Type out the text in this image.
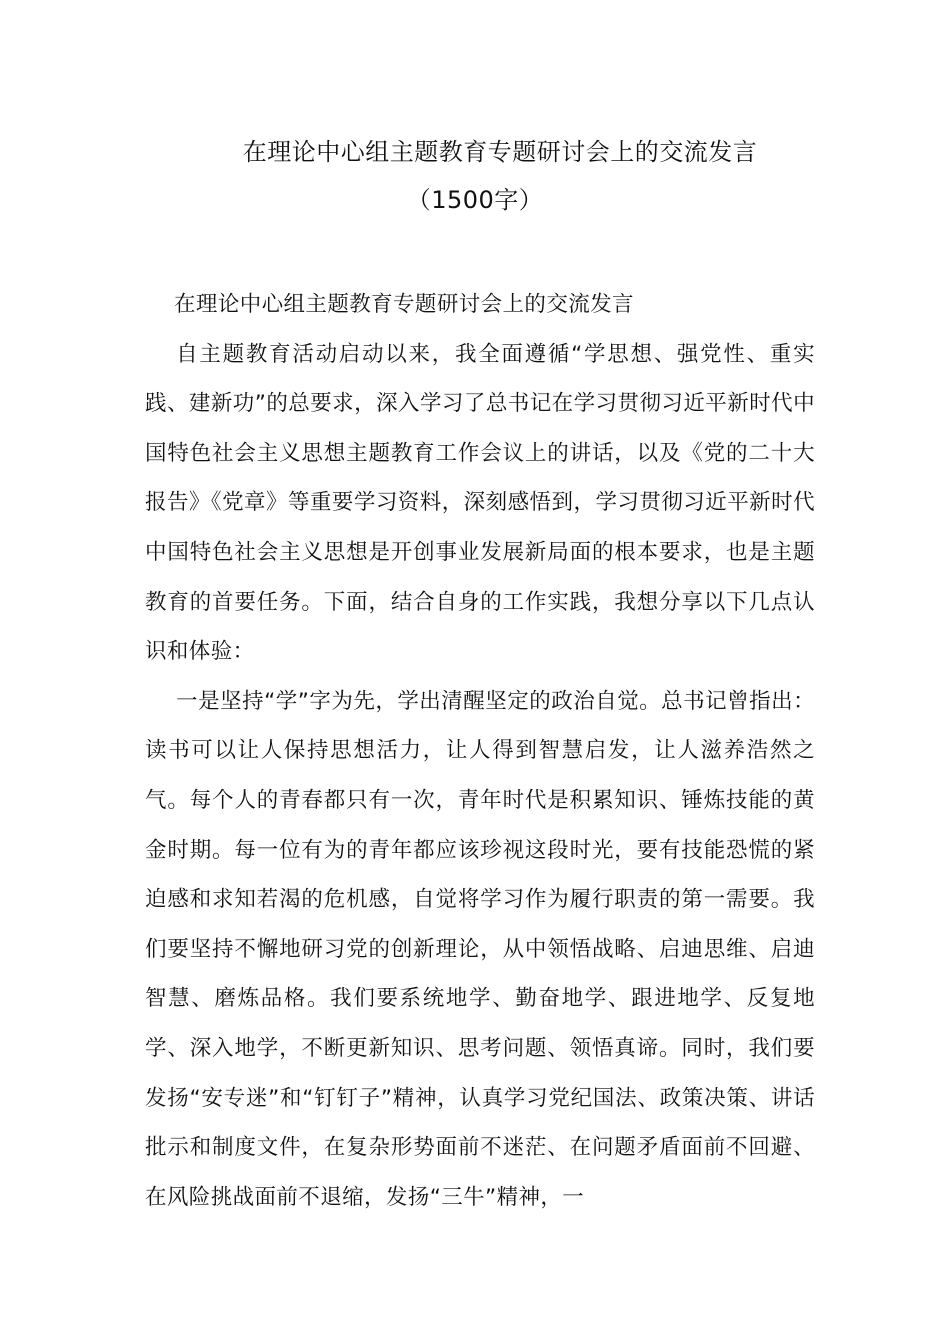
在理论中心组主题教育专题研讨会上的交流发言
（1500字）

在理论中心组主题教育专题研讨会上的交流发言

自主题教育活动启动以来，我全面遵循“学思想、强党性、重实践、建新功”的总要求，深入学习了总书记在学习贯彻习近平新时代中国特色社会主义思想主题教育工作会议上的讲话，以及《党的二十大报告》《党章》等重要学习资料，深刻感悟到，学习贯彻习近平新时代中国特色社会主义思想是开创事业发展新局面的根本要求，也是主题教育的首要任务。下面，结合自身的工作实践，我想分享以下几点认识和体验：

一是坚持“学”字为先，学出清醒坚定的政治自觉。总书记曾指出：读书可以让人保持思想活力，让人得到智慧启发，让人滋养浩然之气。每个人的青春都只有一次，青年时代是积累知识、锤炼技能的黄金时期。每一位有为的青年都应该珍视这段时光，要有技能恐慌的紧迫感和求知若渴的危机感，自觉将学习作为履行职责的第一需要。我们要坚持不懈地研习党的创新理论，从中领悟战略、启迪思维、启迪智慧、磨炼品格。我们要系统地学、勤奋地学、跟进地学、反复地学、深入地学，不断更新知识、思考问题、领悟真谛。同时，我们要发扬“安专迷”和“钉钉子”精神，认真学习党纪国法、政策决策、讲话批示和制度文件，在复杂形势面前不迷茫、在问题矛盾面前不回避、在风险挑战面前不退缩，发扬“三牛”精神，一
